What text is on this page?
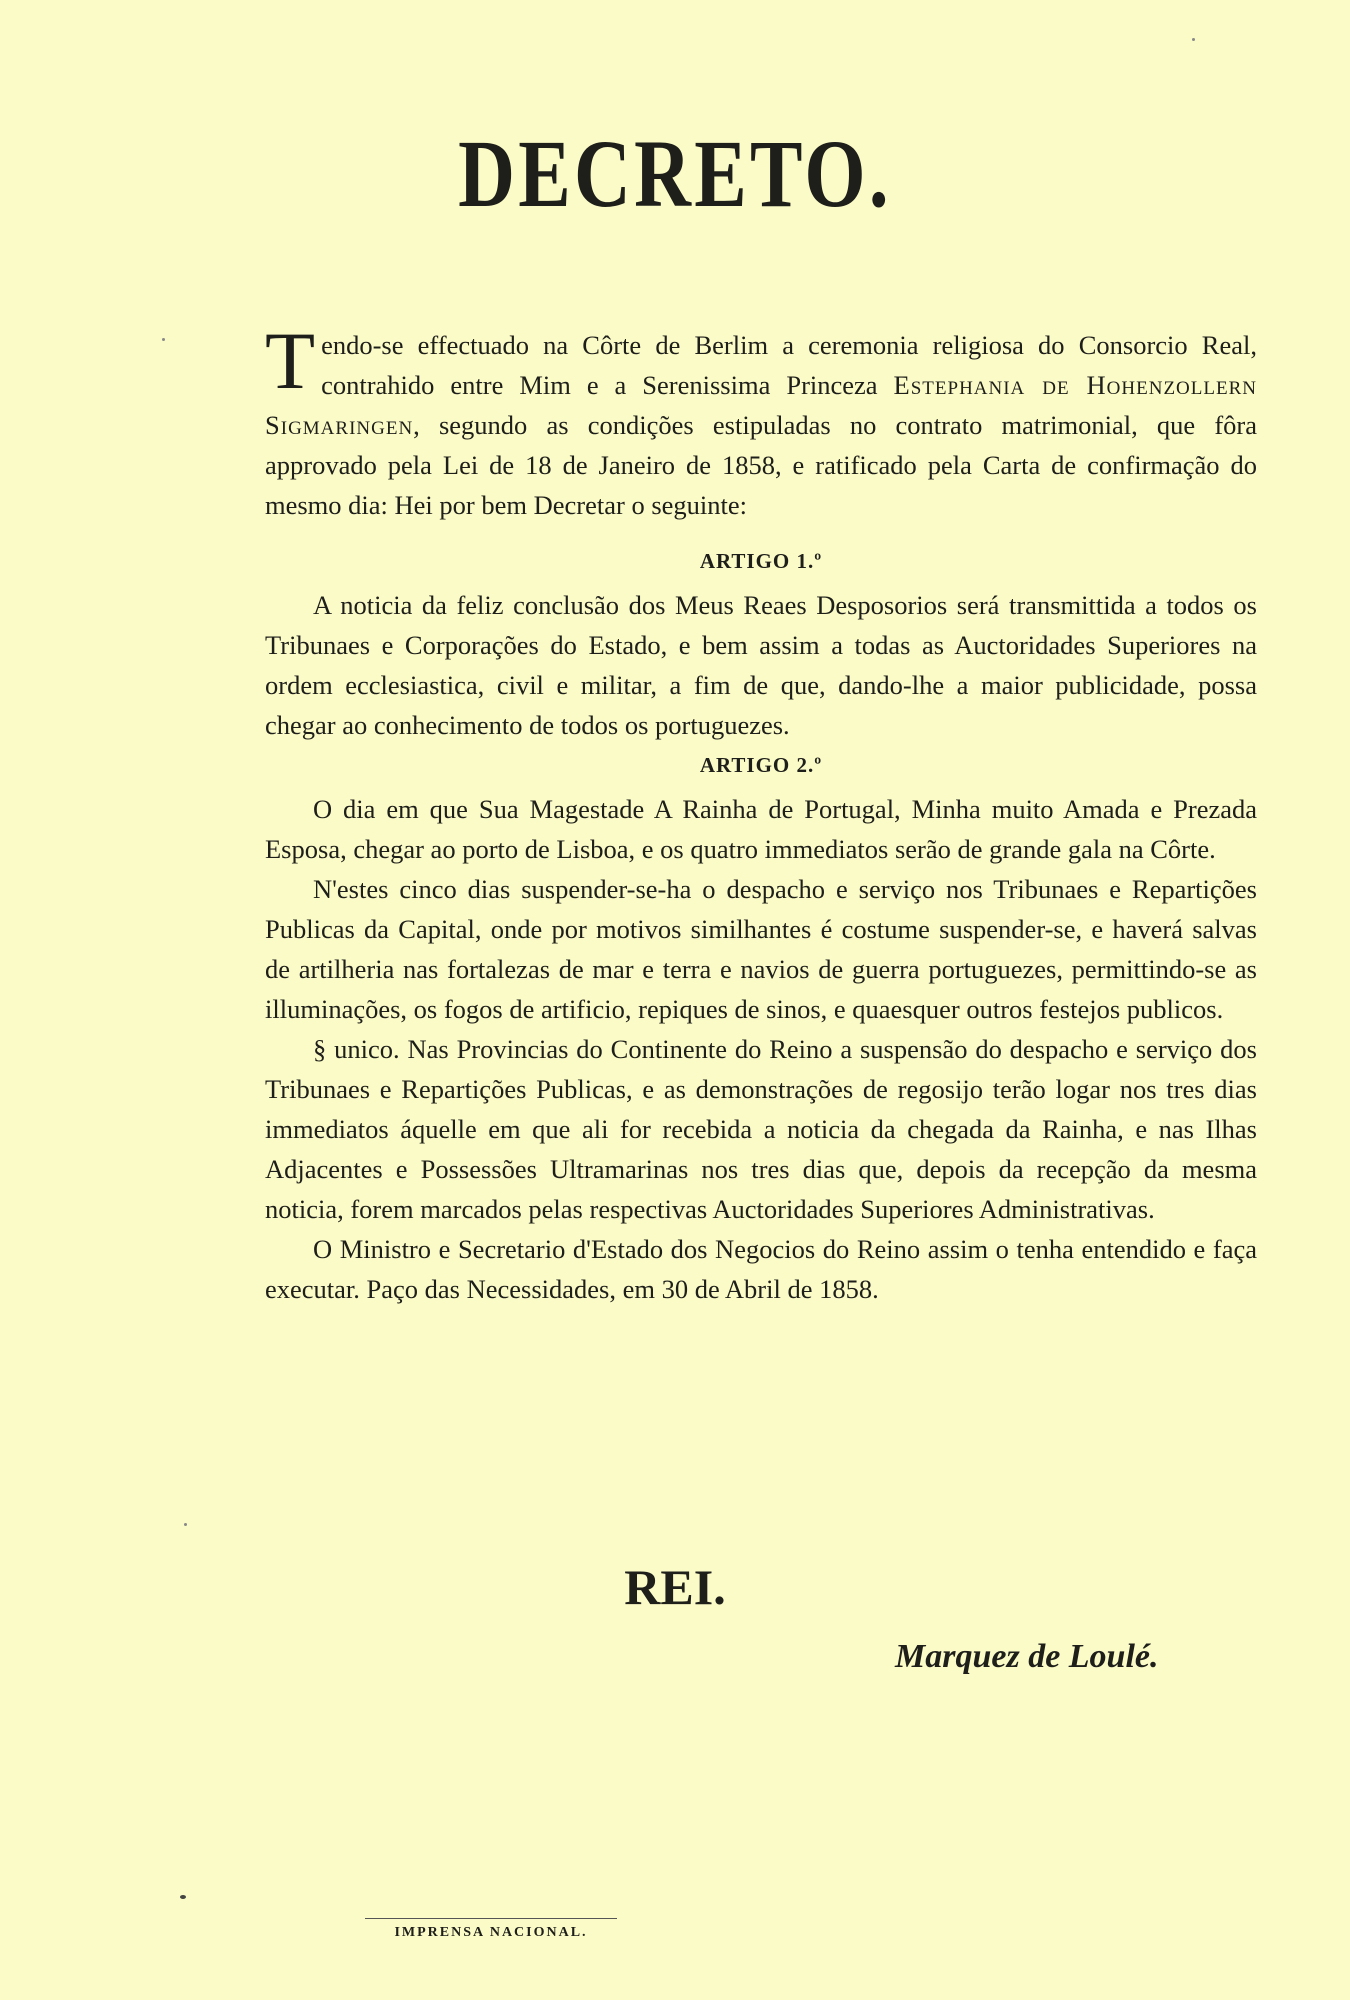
DECRETO.

Tendo-se effectuado na Côrte de Berlim a ceremonia religiosa do Consorcio Real, contrahido entre Mim e a Serenissima Princeza Estephania de Hohenzollern Sigmaringen, segundo as condições estipuladas no contrato matrimonial, que fôra approvado pela Lei de 18 de Janeiro de 1858, e ratificado pela Carta de confirmação do mesmo dia: Hei por bem Decretar o seguinte:

ARTIGO 1.º

A noticia da feliz conclusão dos Meus Reaes Desposorios será transmittida a todos os Tribunaes e Corporações do Estado, e bem assim a todas as Auctoridades Superiores na ordem ecclesiastica, civil e militar, a fim de que, dando-lhe a maior publicidade, possa chegar ao conhecimento de todos os portuguezes.

ARTIGO 2.º

O dia em que Sua Magestade A Rainha de Portugal, Minha muito Amada e Prezada Esposa, chegar ao porto de Lisboa, e os quatro immediatos serão de grande gala na Côrte.

N'estes cinco dias suspender-se-ha o despacho e serviço nos Tribunaes e Repartições Publicas da Capital, onde por motivos similhantes é costume suspender-se, e haverá salvas de artilheria nas fortalezas de mar e terra e navios de guerra portuguezes, permittindo-se as illuminações, os fogos de artificio, repiques de sinos, e quaesquer outros festejos publicos.

§ unico. Nas Provincias do Continente do Reino a suspensão do despacho e serviço dos Tribunaes e Repartições Publicas, e as demonstrações de regosijo terão logar nos tres dias immediatos áquelle em que ali for recebida a noticia da chegada da Rainha, e nas Ilhas Adjacentes e Possessões Ultramarinas nos tres dias que, depois da recepção da mesma noticia, forem marcados pelas respectivas Auctoridades Superiores Administrativas.

O Ministro e Secretario d'Estado dos Negocios do Reino assim o tenha entendido e faça executar. Paço das Necessidades, em 30 de Abril de 1858.

REI.
Marquez de Loulé.
IMPRENSA NACIONAL.
